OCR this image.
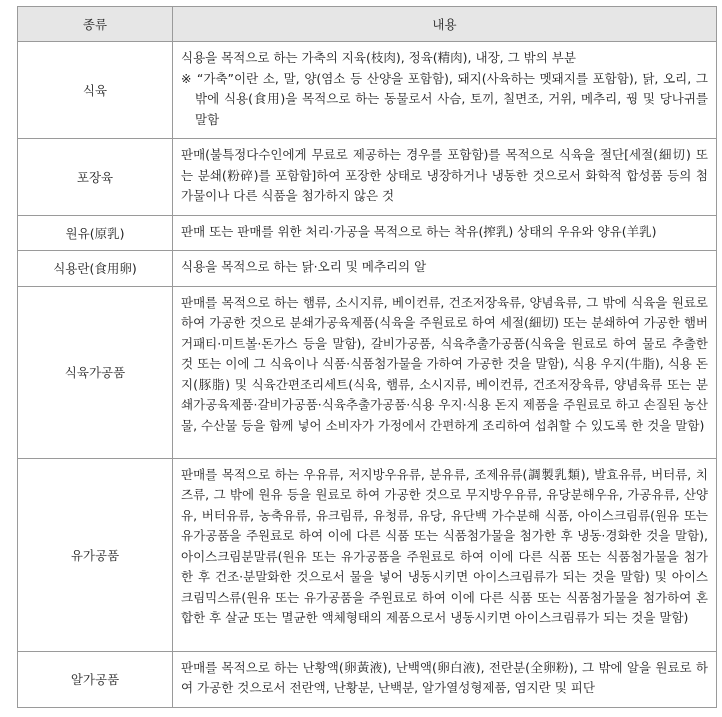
종류	내용
식육	식용을 목적으로 하는 가축의 지육(枝肉), 정육(精肉), 내장, 그 밖의 부분
※ “가축”이란 소, 말, 양(염소 등 산양을 포함함), 돼지(사육하는 멧돼지를 포함함), 닭, 오리, 그 밖에 식용(食用)을 목적으로 하는 동물로서 사슴, 토끼, 칠면조, 거위, 메추리, 꿩 및 당나귀를 말함

포장육	판매(불특정다수인에게 무료로 제공하는 경우를 포함함)를 목적으로 식육을 절단[세절(細切) 또는 분쇄(粉碎)를 포함함]하여 포장한 상태로 냉장하거나 냉동한 것으로서 화학적 합성품 등의 첨가물이나 다른 식품을 첨가하지 않은 것

원유(原乳)	판매 또는 판매를 위한 처리·가공을 목적으로 하는 착유(搾乳) 상태의 우유와 양유(羊乳)

식용란(食用卵)	식용을 목적으로 하는 닭·오리 및 메추리의 알

식육가공품	판매를 목적으로 하는 햄류, 소시지류, 베이컨류, 건조저장육류, 양념육류, 그 밖에 식육을 원료로 하여 가공한 것으로 분쇄가공육제품(식육을 주원료로 하여 세절(細切) 또는 분쇄하여 가공한 햄버거패티·미트볼·돈가스 등을 말함), 갈비가공품, 식육추출가공품(식육을 원료로 하여 물로 추출한 것 또는 이에 그 식육이나 식품·식품첨가물을 가하여 가공한 것을 말함), 식용 우지(牛脂), 식용 돈지(豚脂) 및 식육간편조리세트(식육, 햄류, 소시지류, 베이컨류, 건조저장육류, 양념육류 또는 분쇄가공육제품·갈비가공품·식육추출가공품·식용 우지·식용 돈지 제품을 주원료로 하고 손질된 농산물, 수산물 등을 함께 넣어 소비자가 가정에서 간편하게 조리하여 섭취할 수 있도록 한 것을 말함)

유가공품	판매를 목적으로 하는 우유류, 저지방우유류, 분유류, 조제유류(調製乳類), 발효유류, 버터류, 치즈류, 그 밖에 원유 등을 원료로 하여 가공한 것으로 무지방우유류, 유당분해우유, 가공유류, 산양유, 버터유류, 농축유류, 유크림류, 유청류, 유당, 유단백 가수분해 식품, 아이스크림류(원유 또는 유가공품을 주원료로 하여 이에 다른 식품 또는 식품첨가물을 첨가한 후 냉동·경화한 것을 말함), 아이스크림분말류(원유 또는 유가공품을 주원료로 하여 이에 다른 식품 또는 식품첨가물을 첨가한 후 건조·분말화한 것으로서 물을 넣어 냉동시키면 아이스크림류가 되는 것을 말함) 및 아이스크림믹스류(원유 또는 유가공품을 주원료로 하여 이에 다른 식품 또는 식품첨가물을 첨가하여 혼합한 후 살균 또는 멸균한 액체형태의 제품으로서 냉동시키면 아이스크림류가 되는 것을 말함)

알가공품	판매를 목적으로 하는 난황액(卵黃液), 난백액(卵白液), 전란분(全卵粉), 그 밖에 알을 원료로 하여 가공한 것으로서 전란액, 난황분, 난백분, 알가열성형제품, 염지란 및 피단
